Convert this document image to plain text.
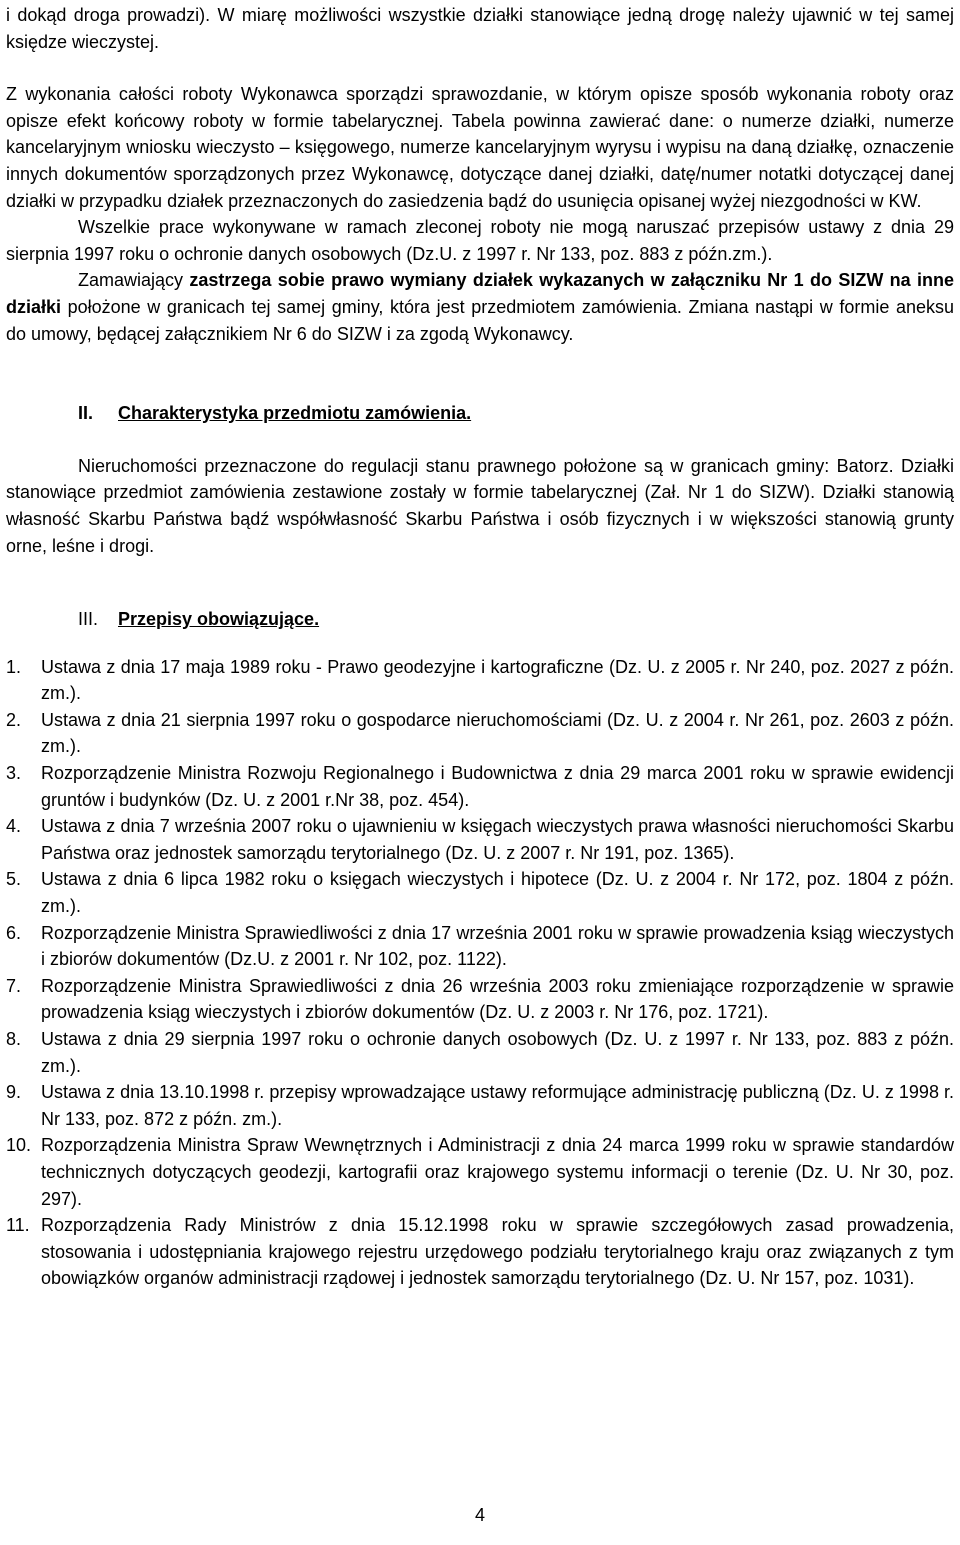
i dokąd droga prowadzi). W miarę możliwości wszystkie działki stanowiące jedną drogę należy ujawnić w tej samej księdze wieczystej.

Z wykonania całości roboty Wykonawca sporządzi sprawozdanie, w którym opisze sposób wykonania roboty oraz opisze efekt końcowy roboty w formie tabelarycznej. Tabela powinna zawierać dane: o numerze działki, numerze kancelaryjnym wniosku wieczysto – księgowego, numerze kancelaryjnym wyrysu i wypisu na daną działkę, oznaczenie innych dokumentów sporządzonych przez Wykonawcę, dotyczące danej działki, datę/numer notatki dotyczącej danej działki w przypadku działek przeznaczonych do zasiedzenia bądź do usunięcia opisanej wyżej niezgodności w KW.

Wszelkie prace wykonywane w ramach zleconej roboty nie mogą naruszać przepisów ustawy z dnia 29 sierpnia 1997 roku o ochronie danych osobowych (Dz.U. z 1997 r. Nr 133, poz. 883 z późn.zm.).

Zamawiający zastrzega sobie prawo wymiany działek wykazanych w załączniku Nr 1 do SIZW na inne działki położone w granicach tej samej gminy, która jest przedmiotem zamówienia. Zmiana nastąpi w formie aneksu do umowy, będącej załącznikiem Nr 6 do SIZW i za zgodą Wykonawcy.

II. Charakterystyka przedmiotu zamówienia.

Nieruchomości przeznaczone do regulacji stanu prawnego położone są w granicach gminy: Batorz. Działki stanowiące przedmiot zamówienia zestawione zostały w formie tabelarycznej (Zał. Nr 1 do SIZW). Działki stanowią własność Skarbu Państwa bądź współwłasność Skarbu Państwa i osób fizycznych i w większości stanowią grunty orne, leśne i drogi.

III. Przepisy obowiązujące.
1. Ustawa z dnia 17 maja 1989 roku - Prawo geodezyjne i kartograficzne (Dz. U. z 2005 r. Nr 240, poz. 2027 z późn. zm.).
2. Ustawa z dnia 21 sierpnia 1997 roku o gospodarce nieruchomościami (Dz. U. z 2004 r. Nr 261, poz. 2603 z późn. zm.).
3. Rozporządzenie Ministra Rozwoju Regionalnego i Budownictwa z dnia 29 marca 2001 roku w sprawie ewidencji gruntów i budynków (Dz. U. z 2001 r.Nr 38, poz. 454).
4. Ustawa z dnia 7 września 2007 roku o ujawnieniu w księgach wieczystych prawa własności nieruchomości Skarbu Państwa oraz jednostek samorządu terytorialnego (Dz. U. z 2007 r. Nr 191, poz. 1365).
5. Ustawa z dnia 6 lipca 1982 roku o księgach wieczystych i hipotece (Dz. U. z 2004 r. Nr 172, poz. 1804 z późn. zm.).
6. Rozporządzenie Ministra Sprawiedliwości z dnia 17 września 2001 roku w sprawie prowadzenia ksiąg wieczystych i zbiorów dokumentów (Dz.U. z 2001 r. Nr 102, poz. 1122).
7. Rozporządzenie Ministra Sprawiedliwości z dnia 26 września 2003 roku zmieniające rozporządzenie w sprawie prowadzenia ksiąg wieczystych i zbiorów dokumentów (Dz. U. z 2003 r. Nr 176, poz. 1721).
8. Ustawa z dnia 29 sierpnia 1997 roku o ochronie danych osobowych (Dz. U. z 1997 r. Nr 133, poz. 883 z późn. zm.).
9. Ustawa z dnia 13.10.1998 r. przepisy wprowadzające ustawy reformujące administrację publiczną (Dz. U. z 1998 r. Nr 133, poz. 872 z późn. zm.).
10. Rozporządzenia Ministra Spraw Wewnętrznych i Administracji z dnia 24 marca 1999 roku w sprawie standardów technicznych dotyczących geodezji, kartografii oraz krajowego systemu informacji o terenie (Dz. U. Nr 30, poz. 297).
11. Rozporządzenia Rady Ministrów z dnia 15.12.1998 roku w sprawie szczegółowych zasad prowadzenia, stosowania i udostępniania krajowego rejestru urzędowego podziału terytorialnego kraju oraz związanych z tym obowiązków organów administracji rządowej i jednostek samorządu terytorialnego (Dz. U. Nr 157, poz. 1031).
4
